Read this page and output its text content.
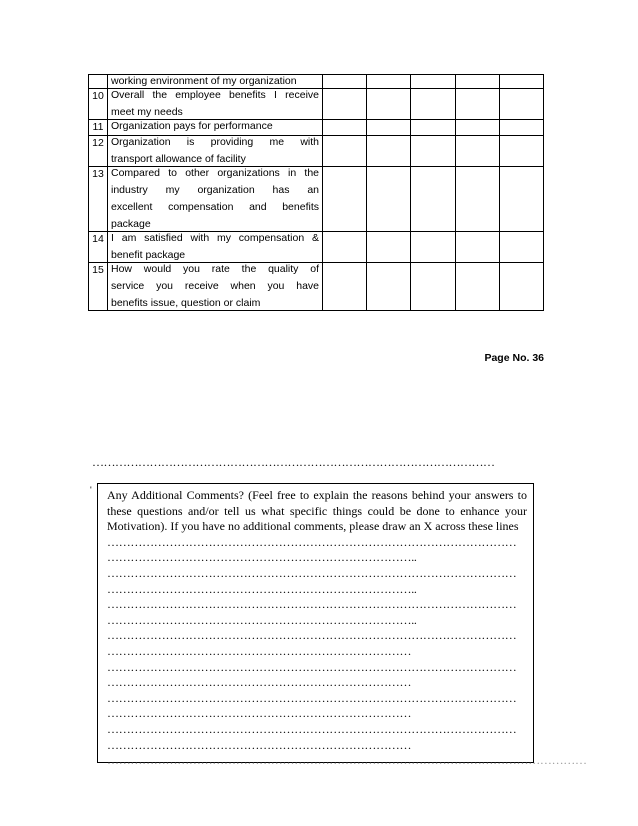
	working environment of my organization					
10	Overall the employee benefits I receive
meet my needs					
11	Organization pays for performance					
12	Organization is providing me with
transport allowance of facility					
13	Compared to other organizations in the
industry my organization has an
excellent compensation and benefits
package					
14	I am satisfied with my compensation &
benefit package					
15	How would you rate the quality of
service you receive when you have
benefits issue, question or claim					
Page No. 36
……………………………………………………………………………………………
' Any Additional Comments? (Feel free to explain the reasons behind your answers to these questions and/or tell us what specific things could be done to enhance your Motivation). If you have no additional comments, please draw an X across these lines
……………………………………………………………………………………………
……………………………………………………………………..
……………………………………………………………………………………………
……………………………………………………………………..
……………………………………………………………………………………………
……………………………………………………………………..
……………………………………………………………………………………………
……………………………………………………………………
……………………………………………………………………………………………
……………………………………………………………………
……………………………………………………………………………………………
……………………………………………………………………
……………………………………………………………………………………………
……………………………………………………………………
……………………………………………………………………………………………………………
